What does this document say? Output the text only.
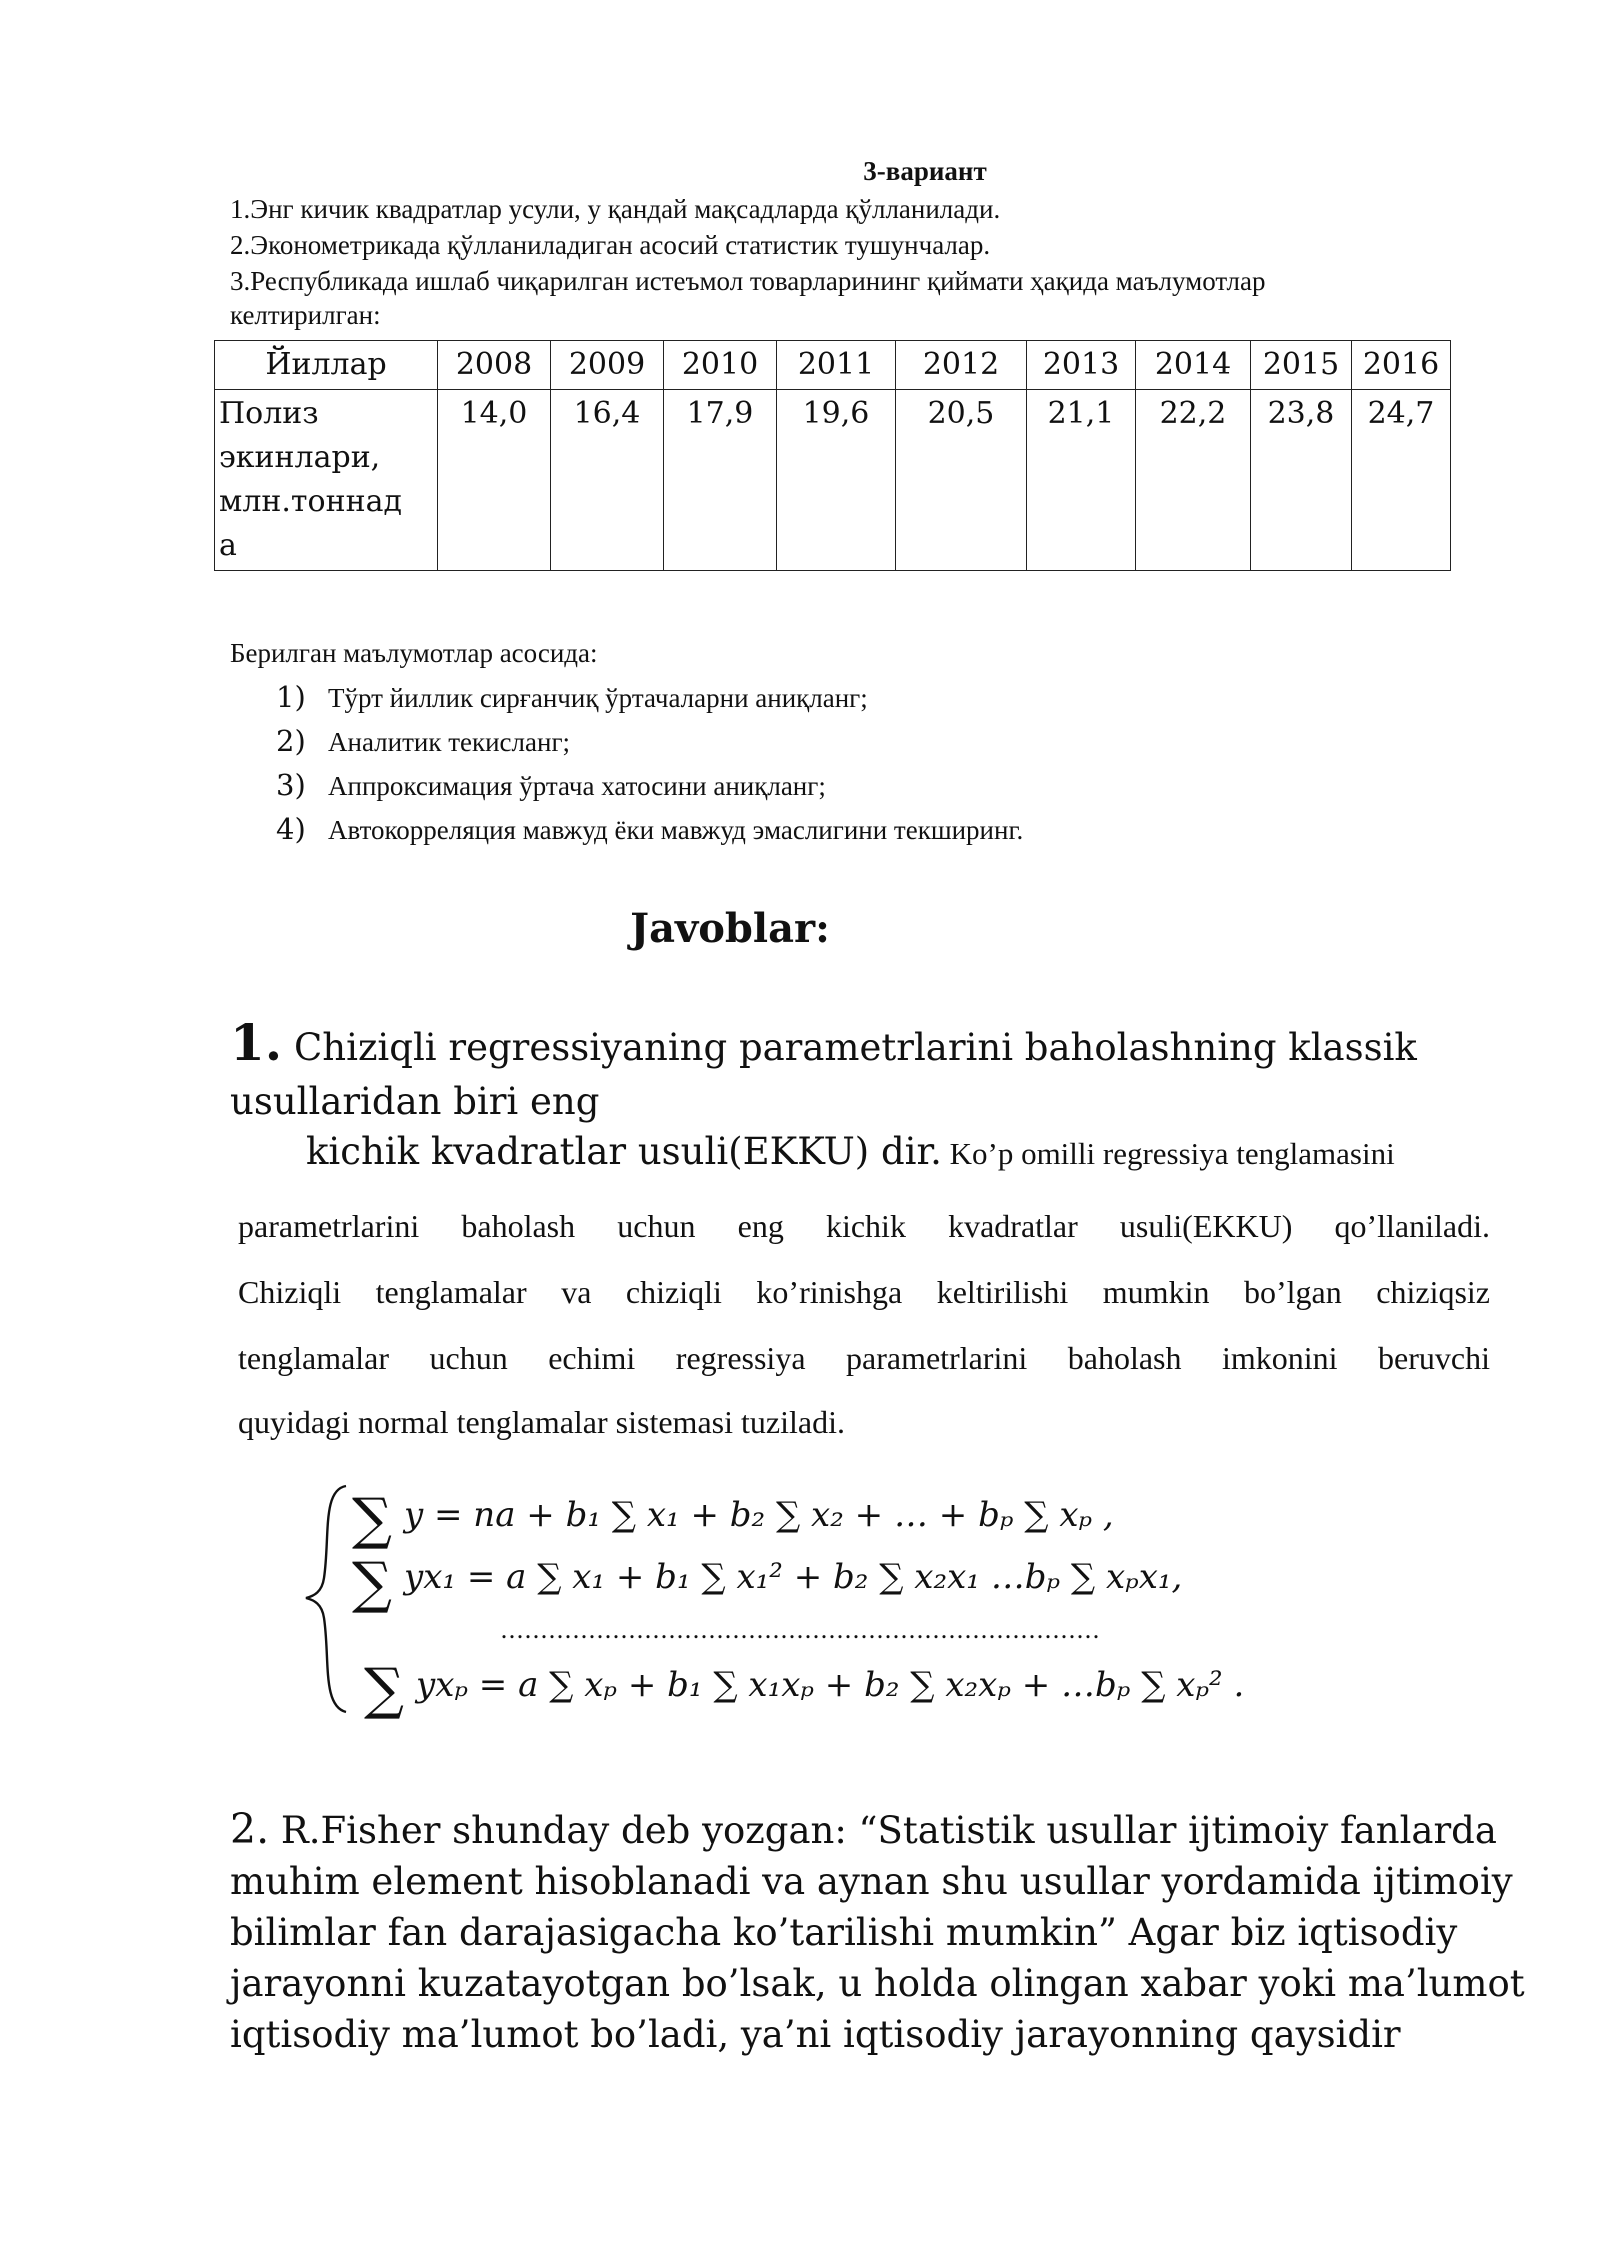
3-вариант
1.Энг кичик квадратлар усули, у қандай мақсадларда қўлланилади.
2.Эконометрикада қўлланиладиган асосий статистик тушунчалар.
3.Республикада ишлаб чиқарилган истеъмол товарларининг қиймати ҳақида маълумотлар
келтирилган:
Йиллар	2008	2009	2010	2011	2012	2013	2014	2015	2016

Полиз
экинлари,
млн.тоннад
а	14,0	16,4	17,9	19,6	20,5	21,1	22,2	23,8	24,7
Берилган маълумотлар асосида:
1) Тўрт йиллик сирғанчиқ ўртачаларни аниқланг;
2) Аналитик текисланг;
3) Аппроксимация ўртача хатосини аниқланг;
4) Автокорреляция мавжуд ёки мавжуд эмаслигини текширинг.
Javoblar:
1. Chiziqli regressiyaning parametrlarini baholashning klassik usullaridan biri eng
kichik kvadratlar usuli(EKKU) dir. Ko’p omilli regressiya tenglamasini
parametrlarini baholash uchun eng kichik kvadratlar usuli(EKKU) qo’llaniladi.
Chiziqli tenglamalar va chiziqli ko’rinishga keltirilishi mumkin bo’lgan chiziqsiz
tenglamalar uchun echimi regressiya parametrlarini baholash imkonini beruvchi
quyidagi normal tenglamalar sistemasi tuziladi.
∑ y = na + b₁ ∑ x₁ + b₂ ∑ x₂ + … + bₚ ∑ xₚ ,
∑ yx₁ = a ∑ x₁ + b₁ ∑ x₁² + b₂ ∑ x₂x₁ …bₚ ∑ xₚx₁,
…………………………………………………………………
∑ yxₚ = a ∑ xₚ + b₁ ∑ x₁xₚ + b₂ ∑ x₂xₚ + …bₚ ∑ xₚ² .
2. R.Fisher shunday deb yozgan: “Statistik usullar ijtimoiy fanlarda
muhim element hisoblanadi va aynan shu usullar yordamida ijtimoiy
bilimlar fan darajasigacha ko’tarilishi mumkin” Agar biz iqtisodiy
jarayonni kuzatayotgan bo’lsak, u holda olingan xabar yoki ma’lumot
iqtisodiy ma’lumot bo’ladi, ya’ni iqtisodiy jarayonning qaysidir
